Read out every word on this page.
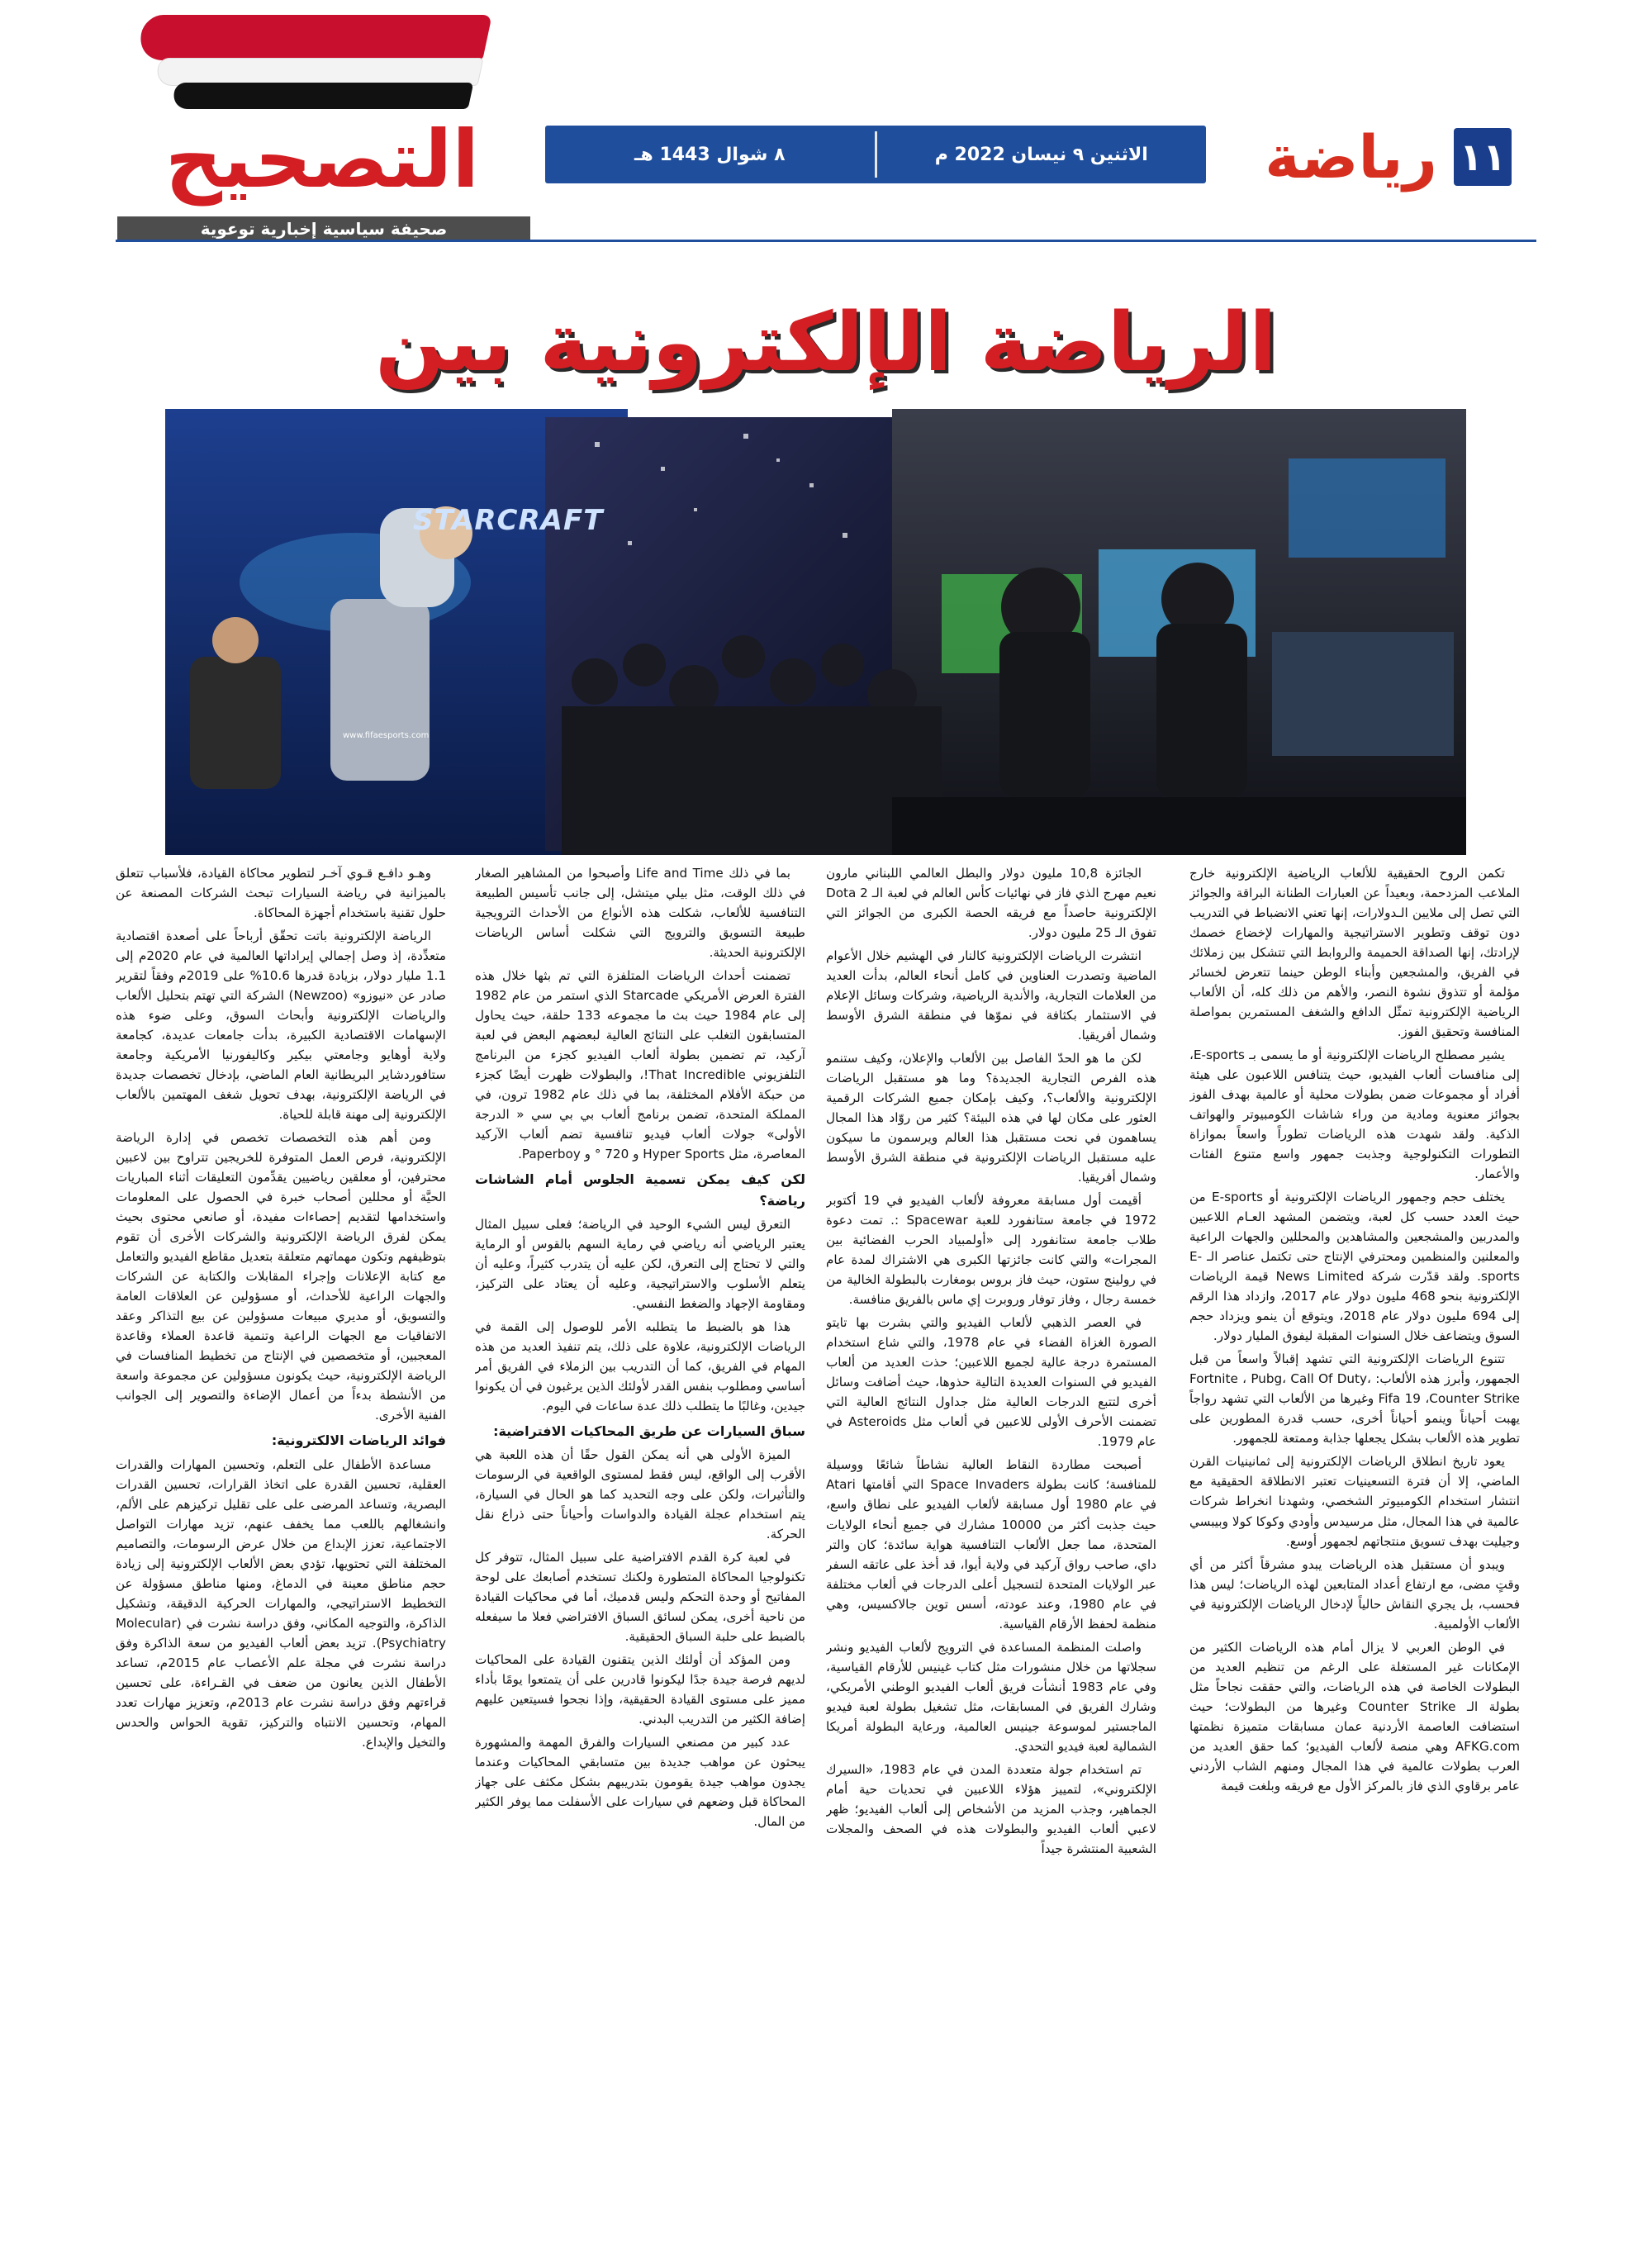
التصحيح
صحيفة سياسية إخبارية توعوية
الاثنين ٩ نيسان 2022 م
٨ شوال 1443 هـ	رياضة ١١
الرياضة الإلكترونية بين
STARCRAFT
www.fifaesports.com

تكمن الروح الحقيقية للألعاب الرياضية الإلكترونية خارج الملاعب المزدحمة، وبعيداً عن العبارات الطنانة البراقة والجوائز التي تصل إلى ملايين الـدولارات، إنها تعني الانضباط في التدريب دون توقف وتطوير الاستراتيجية والمهارات لإخضاع خصمك لإرادتك، إنها الصداقة الحميمة والروابط التي تتشكل بين زملائك في الفريق، والمشجعين وأبناء الوطن حينما تتعرض لخسائر مؤلمة أو تتذوق نشوة النصر، والأهم من ذلك كله، أن الألعاب الرياضية الإلكترونية تمثّل الدافع والشغف المستمرين بمواصلة المنافسة وتحقيق الفوز.

يشير مصطلح الرياضات الإلكترونية أو ما يسمى بـ E-sports، إلى منافسات ألعاب الفيديو، حيث يتنافس اللاعبون على هيئة أفراد أو مجموعات ضمن بطولات محلية أو عالمية بهدف الفوز بجوائز معنوية ومادية من وراء شاشات الكومبيوتر والهواتف الذكية. ولقد شهدت هذه الرياضات تطوراً واسعاً بموازاة التطورات التكنولوجية وجذبت جمهور واسع متنوع الفئات والأعمار.

يختلف حجم وجمهور الرياضات الإلكترونية أو E-sports من حيث العدد حسب كل لعبة، ويتضمن المشهد العـام اللاعبين والمدربين والمشجعين والمشاهدين والمحللين والجهات الراعية والمعلنين والمنظمين ومحترفي الإنتاج حتى تكتمل عناصر الـ E-sports. ولقد قدّرت شركة News Limited قيمة الرياضات الإلكترونية بنحو 468 مليون دولار عام 2017، وازداد هذا الرقم إلى 694 مليون دولار عام 2018، ويتوقع أن ينمو ويزداد حجم السوق ويتضاعف خلال السنوات المقبلة ليفوق المليار دولار.

تتنوع الرياضات الإلكترونية التي تشهد إقبالاً واسعاً من قبل الجمهور، وأبرز هذه الألعاب: Fortnite ، Pubg، Call Of Duty، Fifa 19 ،Counter Strike وغيرها من الألعاب التي تشهد رواجاً يهبت أحياناً وينمو أحياناً أخرى، حسب قدرة المطورين على تطوير هذه الألعاب بشكل يجعلها جذابة وممتعة للجمهور.

يعود تاريخ انطلاق الرياضات الإلكترونية إلى ثمانينيات القرن الماضي، إلا أن فترة التسعينيات تعتبر الانطلاقة الحقيقية مع انتشار استخدام الكومبيوتر الشخصي، وشهدنا انخراط شركات عالمية في هذا المجال، مثل مرسيدس وأودي وكوكا كولا وبيبسي وجيليت بهدف تسويق منتجاتهم لجمهور أوسع.

ويبدو أن مستقبل هذه الرياضات يبدو مشرقاً أكثر من أي وقتٍ مضى، مع ارتفاع أعداد المتابعين لهذه الرياضات؛ ليس هذا فحسب، بل يجري النقاش حالياً لإدخال الرياضات الإلكترونية في الألعاب الأولمبية.

في الوطن العربي لا يزال أمام هذه الرياضات الكثير من الإمكانات غير المستغلة على الرغم من تنظيم العديد من البطولات الخاصة في هذه الرياضات، والتي حققت نجاحاً مثل بطولة الـ Counter Strike وغيرها من البطولات؛ حيث استضافت العاصمة الأردنية عمان مسابقات متميزة نظمتها AFKG.com وهي منصة لألعاب الفيديو؛ كما حقق العديد من العرب بطولات عالمية في هذا المجال ومنهم الشاب الأردني عامر برقاوي الذي فاز بالمركز الأول مع فريقه وبلغت قيمة

الجائزة 10,8 مليون دولار والبطل العالمي اللبناني مارون نعيم مهرج الذي فاز في نهائيات كأس العالم في لعبة الـ Dota 2 الإلكترونية حاصداً مع فريقه الحصة الكبرى من الجوائز التي تفوق الـ 25 مليون دولار.

انتشرت الرياضات الإلكترونية كالنار في الهشيم خلال الأعوام الماضية وتصدرت العناوين في كامل أنحاء العالم، بدأت العديد من العلامات التجارية، والأندية الرياضية، وشركات وسائل الإعلام في الاستثمار بكثافة في نموّها في منطقة الشرق الأوسط وشمال أفريقيا.

لكن ما هو الحدّ الفاصل بين الألعاب والإعلان، وكيف ستنمو هذه الفرص التجارية الجديدة؟ وما هو مستقبل الرياضات الإلكترونية والألعاب؟، وكيف بإمكان جميع الشركات الرقمية العثور على مكان لها في هذه البيئة؟ كثير من روّاد هذا المجال يساهمون في نحت مستقبل هذا العالم ويرسمون ما سيكون عليه مستقبل الرياضات الإلكترونية في منطقة الشرق الأوسط وشمال أفريقيا.

أقيمت أول مسابقة معروفة لألعاب الفيديو في 19 أكتوبر 1972 في جامعة ستانفورد للعبة Spacewar :. تمت دعوة طلاب جامعة ستانفورد إلى «أولمبياد الحرب الفضائية بين المجرات» والتي كانت جائزتها الكبرى هي الاشتراك لمدة عام في رولينج ستون، حيث فاز بروس بومغارت بالبطولة الخالية من خمسة رجال ، وفاز توفار وروبرت إي ماس بالفريق منافسة.

في العصر الذهبي لألعاب الفيديو والتي بشرت بها تايتو الصورة الغزاة الفضاء في عام 1978، والتي شاع استخدام المستمرة درجة عالية لجميع اللاعبين؛ حذت العديد من ألعاب الفيديو في السنوات العديدة التالية حذوها، حيث أضافت وسائل أخرى لتتبع الدرجات العالية مثل جداول النتائج العالية التي تضمنت الأحرف الأولى للاعبين في ألعاب مثل Asteroids في عام 1979.

أصبحت مطاردة النقاط العالية نشاطاً شائعًا ووسيلة للمنافسة؛ كانت بطولة Space Invaders التي أقامتها Atari في عام 1980 أول مسابقة لألعاب الفيديو على نطاق واسع، حيث جذبت أكثر من 10000 مشارك في جميع أنحاء الولايات المتحدة، مما جعل الألعاب التنافسية هواية سائدة؛ كان والتر داي، صاحب رواق آركيد في ولاية أيوا، قد أخذ على عاتقه السفر عبر الولايات المتحدة لتسجيل أعلى الدرجات في ألعاب مختلفة في عام 1980، وعند عودته، أسس توين جالاكسيس، وهي منظمة لحفظ الأرقام القياسية.

واصلت المنظمة المساعدة في الترويج لألعاب الفيديو ونشر سجلاتها من خلال منشورات مثل كتاب غينيس للأرقام القياسية، وفي عام 1983 أنشأت فريق ألعاب الفيديو الوطني الأمريكي، وشارك الفريق في المسابقات، مثل تشغيل بطولة لعبة فيديو الماجستير لموسوعة جينيس العالمية، ورعاية البطولة أمريكا الشمالية لعبة فيديو التحدي.

تم استخدام جولة متعددة المدن في عام 1983، «السيرك الإلكتروني»، لتمييز هؤلاء اللاعبين في تحديات حية أمام الجماهير، وجذب المزيد من الأشخاص إلى ألعاب الفيديو؛ ظهر لاعبي ألعاب الفيديو والبطولات هذه في الصحف والمجلات الشعبية المنتشرة جيداً

بما في ذلك Life and Time وأصبحوا من المشاهير الصغار في ذلك الوقت، مثل بيلي ميتشل، إلى جانب تأسيس الطبيعة التنافسية للألعاب، شكلت هذه الأنواع من الأحداث الترويجية طبيعة التسويق والترويج التي شكلت أساس الرياضات الإلكترونية الحديثة.

تضمنت أحداث الرياضات المتلفزة التي تم بثها خلال هذه الفترة العرض الأمريكي Starcade الذي استمر من عام 1982 إلى عام 1984 حيث بث ما مجموعه 133 حلقة، حيث يحاول المتسابقون التغلب على النتائج العالية لبعضهم البعض في لعبة آركيد، تم تضمين بطولة ألعاب الفيديو كجزء من البرنامج التلفزيوني That Incredible!، والبطولات ظهرت أيضًا كجزء من حبكة الأفلام المختلفة، بما في ذلك عام 1982 ترون، في المملكة المتحدة، تضمن برنامج ألعاب بي بي سي « الدرجة الأولى» جولات ألعاب فيديو تنافسية تضم ألعاب الآركيد المعاصرة، مثل Hyper Sports و 720 ° و Paperboy.

لكن كيف يمكن تسمية الجلوس أمام الشاشات رياضة؟

التعرق ليس الشيء الوحيد في الرياضة؛ فعلى سبيل المثال يعتبر الرياضي أنه رياضي في رماية السهم بالقوس أو الرماية والتي لا تحتاج إلى التعرق، لكن عليه أن يتدرب كثيراً، وعليه أن يتعلم الأسلوب والاستراتيجية، وعليه أن يعتاد على التركيز، ومقاومة الإجهاد والضغط النفسي.

هذا هو بالضبط ما يتطلبه الأمر للوصول إلى القمة في الرياضات الإلكترونية، علاوة على ذلك، يتم تنفيذ العديد من هذه المهام في الفريق، كما أن التدريب بين الزملاء في الفريق أمر أساسي ومطلوب بنفس القدر لأولئك الذين يرغبون في أن يكونوا جيدين، وغالبًا ما يتطلب ذلك عدة ساعات في اليوم.

سباق السيارات عن طريق المحاكيات الافتراضية:

الميزة الأولى هي أنه يمكن القول حقًا أن هذه اللعبة هي الأقرب إلى الواقع، ليس فقط لمستوى الواقعية في الرسومات والتأثيرات، ولكن على وجه التحديد كما هو الحال في السيارة، يتم استخدام عجلة القيادة والدواسات وأحياناً حتى ذراع نقل الحركة.

في لعبة كرة القدم الافتراضية على سبيل المثال، تتوفر كل تكنولوجيا المحاكاة المتطورة ولكنك تستخدم أصابعك على لوحة المفاتيح أو وحدة التحكم وليس قدميك، أما في محاكيات القيادة من ناحية أخرى، يمكن لسائق السباق الافتراضي فعلا ما سيفعله بالضبط على حلبة السباق الحقيقية.

ومن المؤكد أن أولئك الذين يتقنون القيادة على المحاكيات لديهم فرصة جيدة جدًا ليكونوا قادرين على أن يتمتعوا يومًا بأداء مميز على مستوى القيادة الحقيقية، وإذا نجحوا فسيتعين عليهم إضافة الكثير من التدريب البدني.

عدد كبير من مصنعي السيارات والفرق المهمة والمشهورة يبحثون عن مواهب جديدة بين متسابقي المحاكيات وعندما يجدون مواهب جيدة يقومون بتدريبهم بشكل مكثف على جهاز المحاكاة قبل وضعهم في سيارات على الأسفلت مما يوفر الكثير من المال.

وهـو دافـع قـوي آخـر لتطوير محاكاة القيادة، فلأسباب تتعلق بالميزانية في رياضة السيارات تبحث الشركات المصنعة عن حلول تقنية باستخدام أجهزة المحاكاة.

الرياضة الإلكترونية باتت تحقّق أرباحاً على أصعدة اقتصادية متعدِّدة، إذ وصل إجمالي إيراداتها العالمية في عام 2020م إلى 1.1 مليار دولار، بزيادة قدرها 10.6% على 2019م وفقاً لتقرير صادر عن «نيوزو» (Newzoo) الشركة التي تهتم بتحليل الألعاب والرياضات الإلكترونية وأبحاث السوق، وعلى ضوء هذه الإسهامات الاقتصادية الكبيرة، بدأت جامعات عديدة، كجامعة ولاية أوهايو وجامعتي بيكير وكاليفورنيا الأمريكية وجامعة ستافوردشاير البريطانية العام الماضي، بإدخال تخصصات جديدة في الرياضة الإلكترونية، بهدف تحويل شغف المهتمين بالألعاب الإلكترونية إلى مهنة قابلة للحياة.

ومن أهم هذه التخصصات تخصص في إدارة الرياضة الإلكترونية، فرص العمل المتوفرة للخريجين تتراوح بين لاعبين محترفين، أو معلقين رياضيين يقدِّمون التعليقات أثناء المباريات الحيَّة أو محللين أصحاب خبرة في الحصول على المعلومات واستخدامها لتقديم إحصاءات مفيدة، أو صانعي محتوى بحيث يمكن لفرق الرياضة الإلكترونية والشركات الأخرى أن تقوم بتوظيفهم وتكون مهماتهم متعلقة بتعديل مقاطع الفيديو والتعامل مع كتابة الإعلانات وإجراء المقابلات والكتابة عن الشركات والجهات الراعية للأحداث، أو مسؤولين عن العلاقات العامة والتسويق، أو مديري مبيعات مسؤولين عن بيع التذاكر وعقد الاتفاقيات مع الجهات الراعية وتنمية قاعدة العملاء وقاعدة المعجبين، أو متخصصين في الإنتاج من تخطيط المنافسات في الرياضة الإلكترونية، حيث يكونون مسؤولين عن مجموعة واسعة من الأنشطة بدءاً من أعمال الإضاءة والتصوير إلى الجوانب الفنية الأخرى.

فوائد الرياضات الالكترونية:

مساعدة الأطفال على التعلم، وتحسين المهارات والقدرات العقلية، تحسين القدرة على اتخاذ القرارات، تحسين القدرات البصرية، وتساعد المرضى على على تقليل تركيزهم على الألم، وانشغالهم باللعب مما يخفف عنهم، تزيد مهارات التواصل الاجتماعية، تعزز الإبداع من خلال عرض الرسومات، والتصاميم المختلفة التي تحتويها، تؤدي بعض الألعاب الإلكترونية إلى زيادة حجم مناطق معينة في الدماغ، ومنها مناطق مسؤولة عن التخطيط الاستراتيجي، والمهارات الحركية الدقيقة، وتشكيل الذاكرة، والتوجيه المكاني، وفق دراسة نشرت في (Molecular Psychiatry). تزيد بعض ألعاب الفيديو من سعة الذاكرة وفق دراسة نشرت في مجلة علم الأعصاب عام 2015م، تساعد الأطفال الذين يعانون من ضعف في القـراءة، على تحسين قراءتهم وفق دراسة نشرت عام 2013م، وتعزيز مهارات تعدد المهام، وتحسين الانتباه والتركيز، تقوية الحواس والحدس والتخيل والإبداع.
